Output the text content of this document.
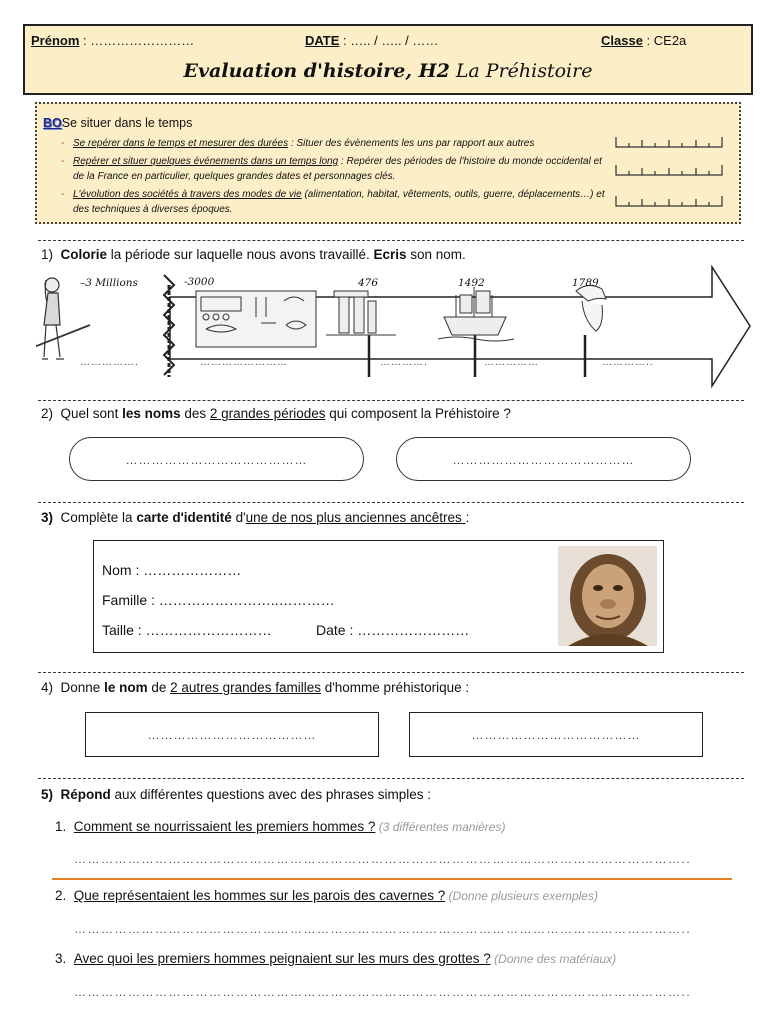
Prénom : ……………………	DATE : ….. / ….. / ……	Classe : CE2a
Evaluation d'histoire, H2 La Préhistoire
BOSe situer dans le temps
- Se repérer dans le temps et mesurer des durées : Situer des évènements les uns par rapport aux autres
- Repérer et situer quelques événements dans un temps long : Repérer des périodes de l'histoire du monde occidental et de la France en particulier, quelques grandes dates et personnages clés.
- L'évolution des sociétés à travers des modes de vie (alimentation, habitat, vêtements, outils, guerre, déplacements…) et des techniques à diverses époques.
1) Colorie la période sur laquelle nous avons travaillé. Ecris son nom.
–3 Millions	-3000	476	1492	1789
…………….	……………………	………….	……………	…………..
2) Quel sont les noms des 2 grandes périodes qui composent la Préhistoire ?
……………………………………	……………………………………
3) Complète la carte d'identité d'une de nos plus anciennes ancêtres :
Nom : …………………
Famille : ……………………..…………
Taille : ………………………	Date : ……………………
4) Donne le nom de 2 autres grandes familles d'homme préhistorique :
…………………………………	…………………………………
5) Répond aux différentes questions avec des phrases simples :
1. Comment se nourrissaient les premiers hommes ? (3 différentes manières)
………………………………………………………………………………………………………………………..
2. Que représentaient les hommes sur les parois des cavernes ? (Donne plusieurs exemples)
………………………………………………………………………………………………………………………..
3. Avec quoi les premiers hommes peignaient sur les murs des grottes ? (Donne des matériaux)
………………………………………………………………………………………………………………………..
